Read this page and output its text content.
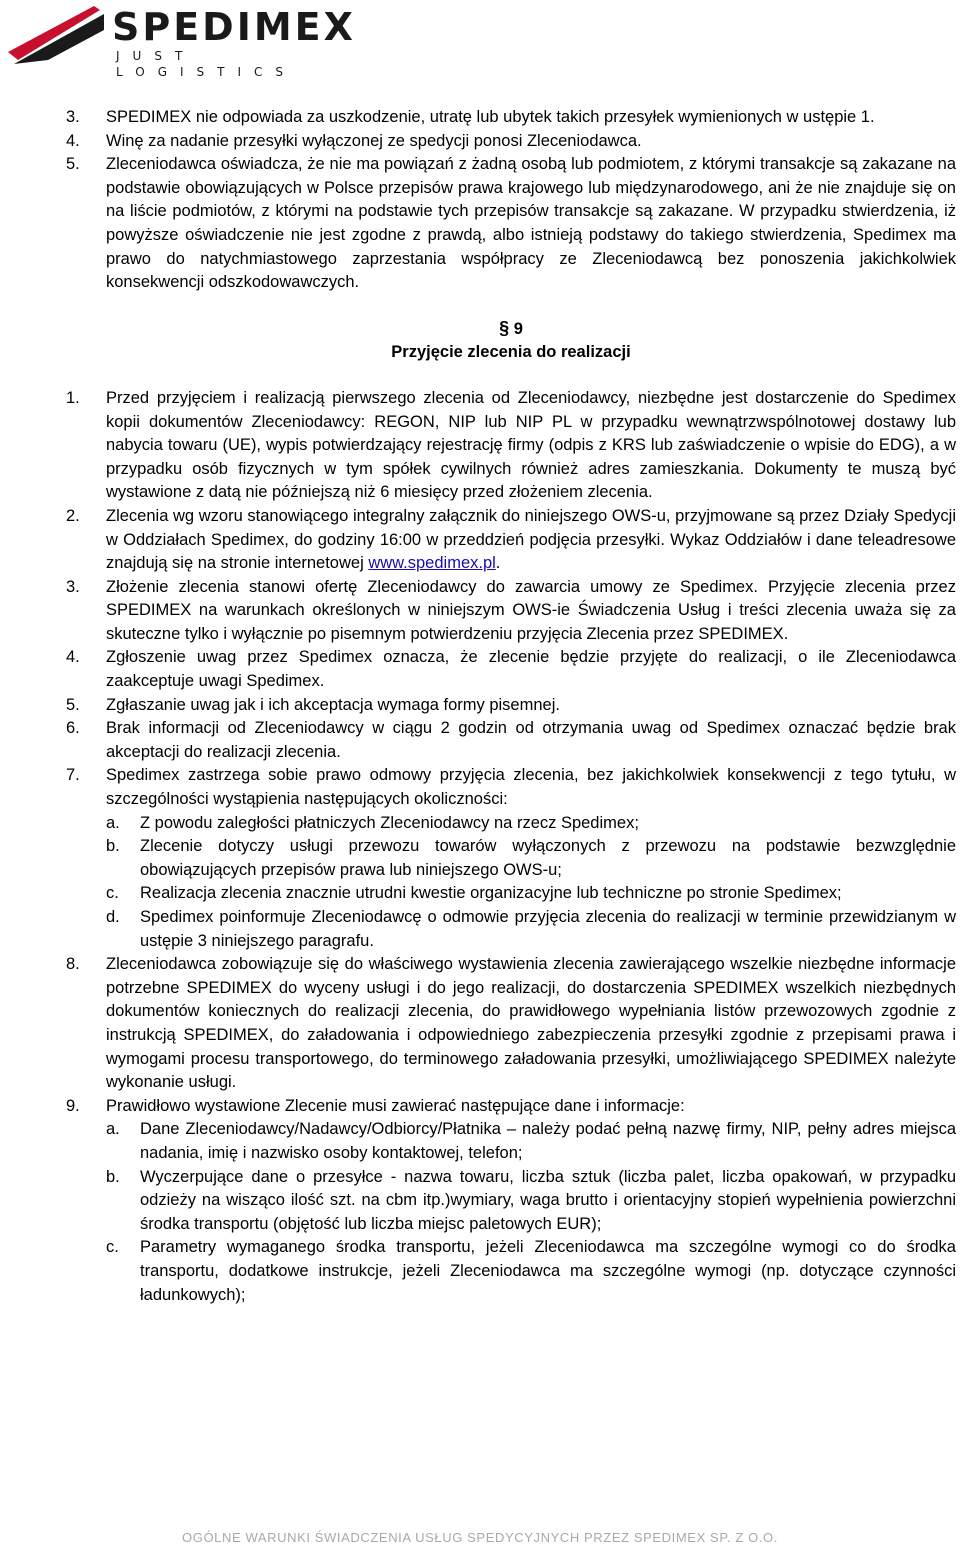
SPEDIMEX
JUST LOGISTICS
3.	SPEDIMEX nie odpowiada za uszkodzenie, utratę lub ubytek takich przesyłek wymienionych w ustępie 1.
4.	Winę za nadanie przesyłki wyłączonej ze spedycji ponosi Zleceniodawca.
5.	Zleceniodawca oświadcza, że nie ma powiązań z żadną osobą lub podmiotem, z którymi transakcje są zakazane na podstawie obowiązujących w Polsce przepisów prawa krajowego lub międzynarodowego, ani że nie znajduje się on na liście podmiotów, z którymi na podstawie tych przepisów transakcje są zakazane. W przypadku stwierdzenia, iż powyższe oświadczenie nie jest zgodne z prawdą, albo istnieją podstawy do takiego stwierdzenia, Spedimex ma prawo do natychmiastowego zaprzestania współpracy ze Zleceniodawcą bez ponoszenia jakichkolwiek konsekwencji odszkodowawczych.
§ 9
Przyjęcie zlecenia do realizacji
1.	Przed przyjęciem i realizacją pierwszego zlecenia od Zleceniodawcy, niezbędne jest dostarczenie do Spedimex kopii dokumentów Zleceniodawcy: REGON, NIP lub NIP PL w przypadku wewnątrzwspólnotowej dostawy lub nabycia towaru (UE), wypis potwierdzający rejestrację firmy (odpis z KRS lub zaświadczenie o wpisie do EDG), a w przypadku osób fizycznych w tym spółek cywilnych również adres zamieszkania. Dokumenty te muszą być wystawione z datą nie późniejszą niż 6 miesięcy przed złożeniem zlecenia.
2.	Zlecenia wg wzoru stanowiącego integralny załącznik do niniejszego OWS-u, przyjmowane są przez Działy Spedycji w Oddziałach Spedimex, do godziny 16:00 w przeddzień podjęcia przesyłki. Wykaz Oddziałów i dane teleadresowe znajdują się na stronie internetowej www.spedimex.pl.
3.	Złożenie zlecenia stanowi ofertę Zleceniodawcy do zawarcia umowy ze Spedimex. Przyjęcie zlecenia przez SPEDIMEX na warunkach określonych w niniejszym OWS-ie Świadczenia Usług i treści zlecenia uważa się za skuteczne tylko i wyłącznie po pisemnym potwierdzeniu przyjęcia Zlecenia przez SPEDIMEX.
4.	Zgłoszenie uwag przez Spedimex oznacza, że zlecenie będzie przyjęte do realizacji, o ile Zleceniodawca zaakceptuje uwagi Spedimex.
5.	Zgłaszanie uwag jak i ich akceptacja wymaga formy pisemnej.
6.	Brak informacji od Zleceniodawcy w ciągu 2 godzin od otrzymania uwag od Spedimex oznaczać będzie brak akceptacji do realizacji zlecenia.
7.	Spedimex zastrzega sobie prawo odmowy przyjęcia zlecenia, bez jakichkolwiek konsekwencji z tego tytułu, w szczególności wystąpienia następujących okoliczności:
a.	Z powodu zaległości płatniczych Zleceniodawcy na rzecz Spedimex;
b.	Zlecenie dotyczy usługi przewozu towarów wyłączonych z przewozu na podstawie bezwzględnie obowiązujących przepisów prawa lub niniejszego OWS-u;
c.	Realizacja zlecenia znacznie utrudni kwestie organizacyjne lub techniczne po stronie Spedimex;
d.	Spedimex poinformuje Zleceniodawcę o odmowie przyjęcia zlecenia do realizacji w terminie przewidzianym w ustępie 3 niniejszego paragrafu.
8.	Zleceniodawca zobowiązuje się do właściwego wystawienia zlecenia zawierającego wszelkie niezbędne informacje potrzebne SPEDIMEX do wyceny usługi i do jego realizacji, do dostarczenia SPEDIMEX wszelkich niezbędnych dokumentów koniecznych do realizacji zlecenia, do prawidłowego wypełniania listów przewozowych zgodnie z instrukcją SPEDIMEX, do załadowania i odpowiedniego zabezpieczenia przesyłki zgodnie z przepisami prawa i wymogami procesu transportowego, do terminowego załadowania przesyłki, umożliwiającego SPEDIMEX należyte wykonanie usługi.
9.	Prawidłowo wystawione Zlecenie musi zawierać następujące dane i informacje:
a.	Dane Zleceniodawcy/Nadawcy/Odbiorcy/Płatnika – należy podać pełną nazwę firmy, NIP, pełny adres miejsca nadania, imię i nazwisko osoby kontaktowej, telefon;
b.	Wyczerpujące dane o przesyłce - nazwa towaru, liczba sztuk (liczba palet, liczba opakowań, w przypadku odzieży na wisząco ilość szt. na cbm itp.)wymiary, waga brutto i orientacyjny stopień wypełnienia powierzchni środka transportu (objętość lub liczba miejsc paletowych EUR);
c.	Parametry wymaganego środka transportu, jeżeli Zleceniodawca ma szczególne wymogi co do środka transportu, dodatkowe instrukcje, jeżeli Zleceniodawca ma szczególne wymogi (np. dotyczące czynności ładunkowych);
OGÓLNE WARUNKI ŚWIADCZENIA USŁUG SPEDYCYJNYCH PRZEZ SPEDIMEX SP. Z O.O.
